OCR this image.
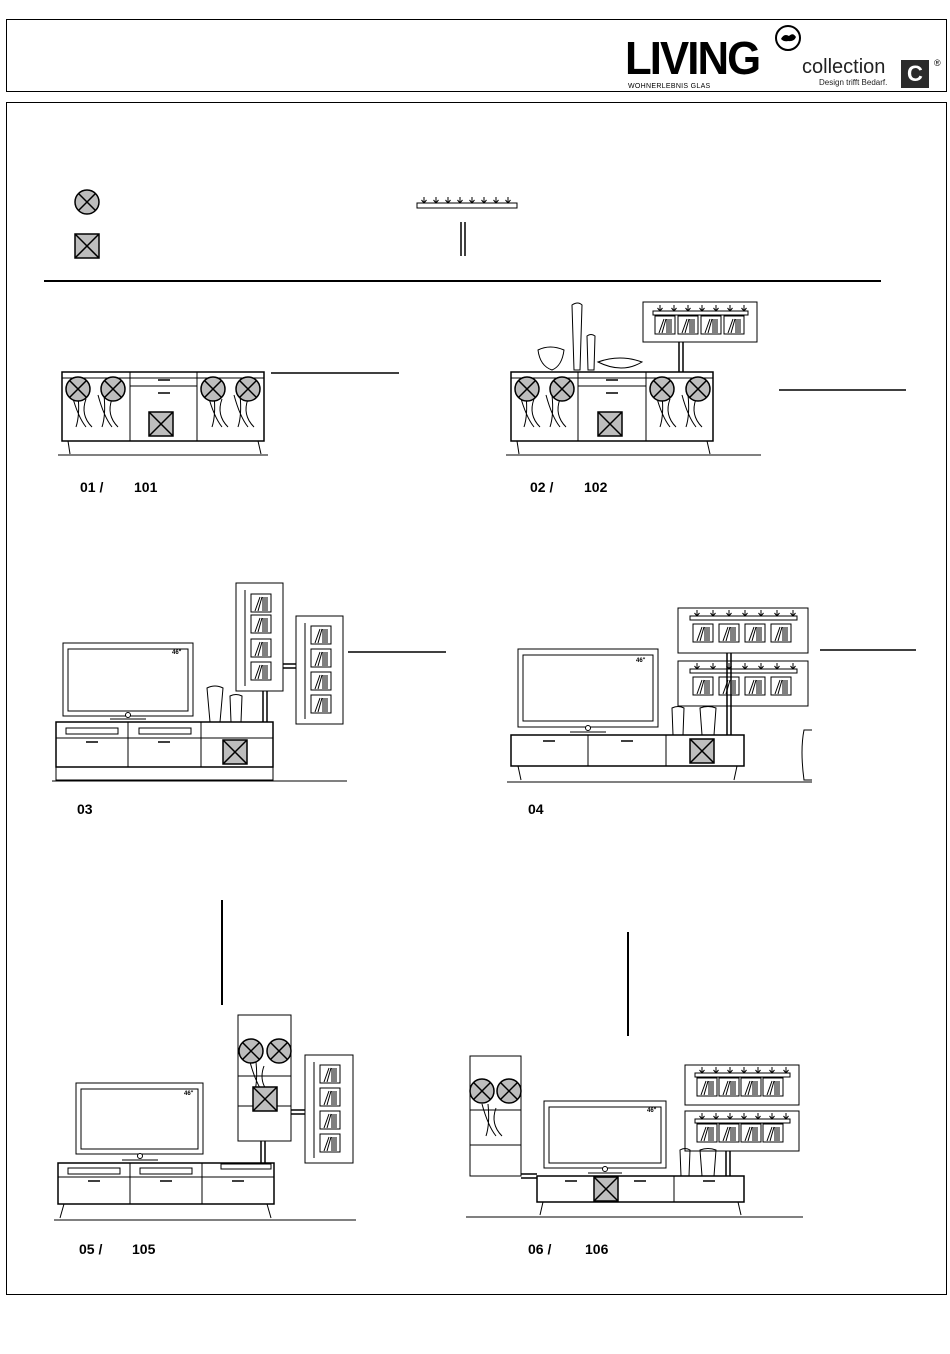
LIVING
WOHNERLEBNIS GLAS
collection
Design trifft Bedarf. C	®
46"
46"
46"
46"
01 / 101	02 / 102
03	04
05 / 105	06 / 106
